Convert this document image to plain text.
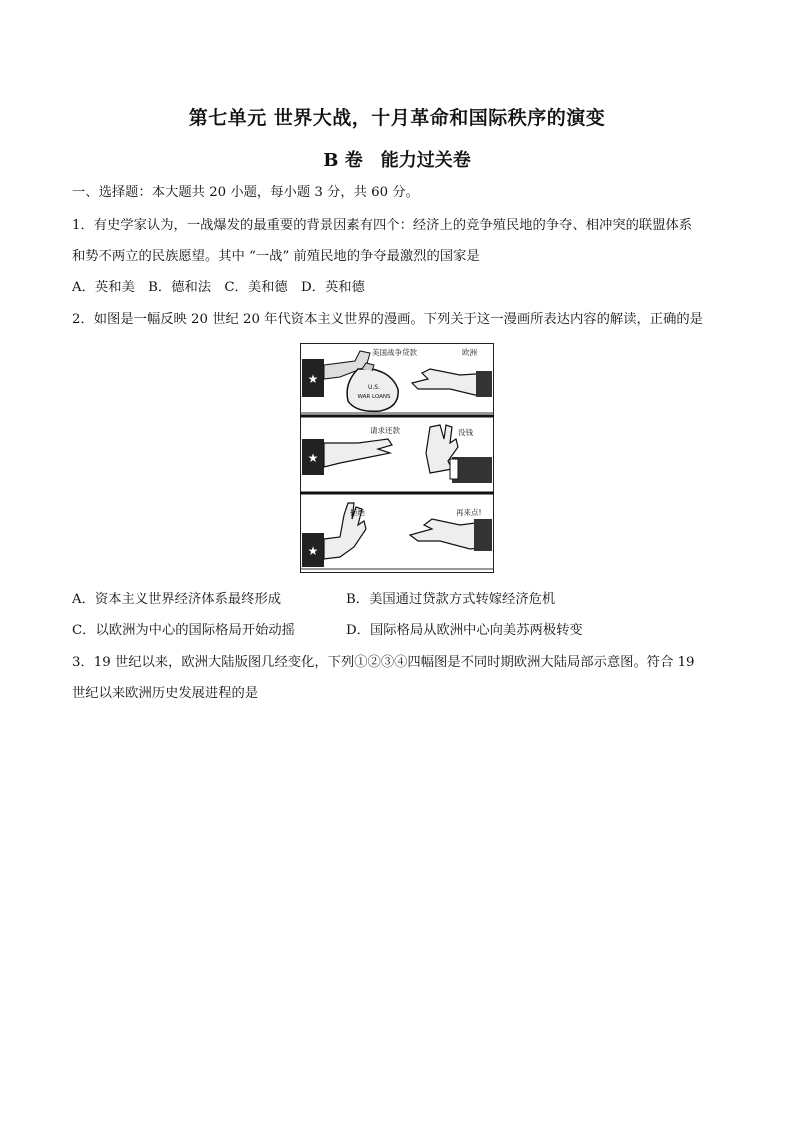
第七单元 世界大战，十月革命和国际秩序的演变
B 卷　能力过关卷
一、选择题：本大题共 20 小题，每小题 3 分，共 60 分。
1．有史学家认为，一战爆发的最重要的背景因素有四个：经济上的竞争殖民地的争夺、相冲突的联盟体系
和势不两立的民族愿望。其中 “一战” 前殖民地的争夺最激烈的国家是
A．英和美　B．德和法　C．美和德　D．英和德
2．如图是一幅反映 20 世纪 20 年代资本主义世界的漫画。下列关于这一漫画所表达内容的解读，正确的是
★
U.S.
WAR LOANS
美国战争贷款	欧洲
★
请求还款	没钱
★
拒绝	再来点!
A．资本主义世界经济体系最终形成	B．美国通过贷款方式转嫁经济危机
C．以欧洲为中心的国际格局开始动摇	D．国际格局从欧洲中心向美苏两极转变
3．19 世纪以来，欧洲大陆版图几经变化，下列①②③④四幅图是不同时期欧洲大陆局部示意图。符合 19
世纪以来欧洲历史发展进程的是
